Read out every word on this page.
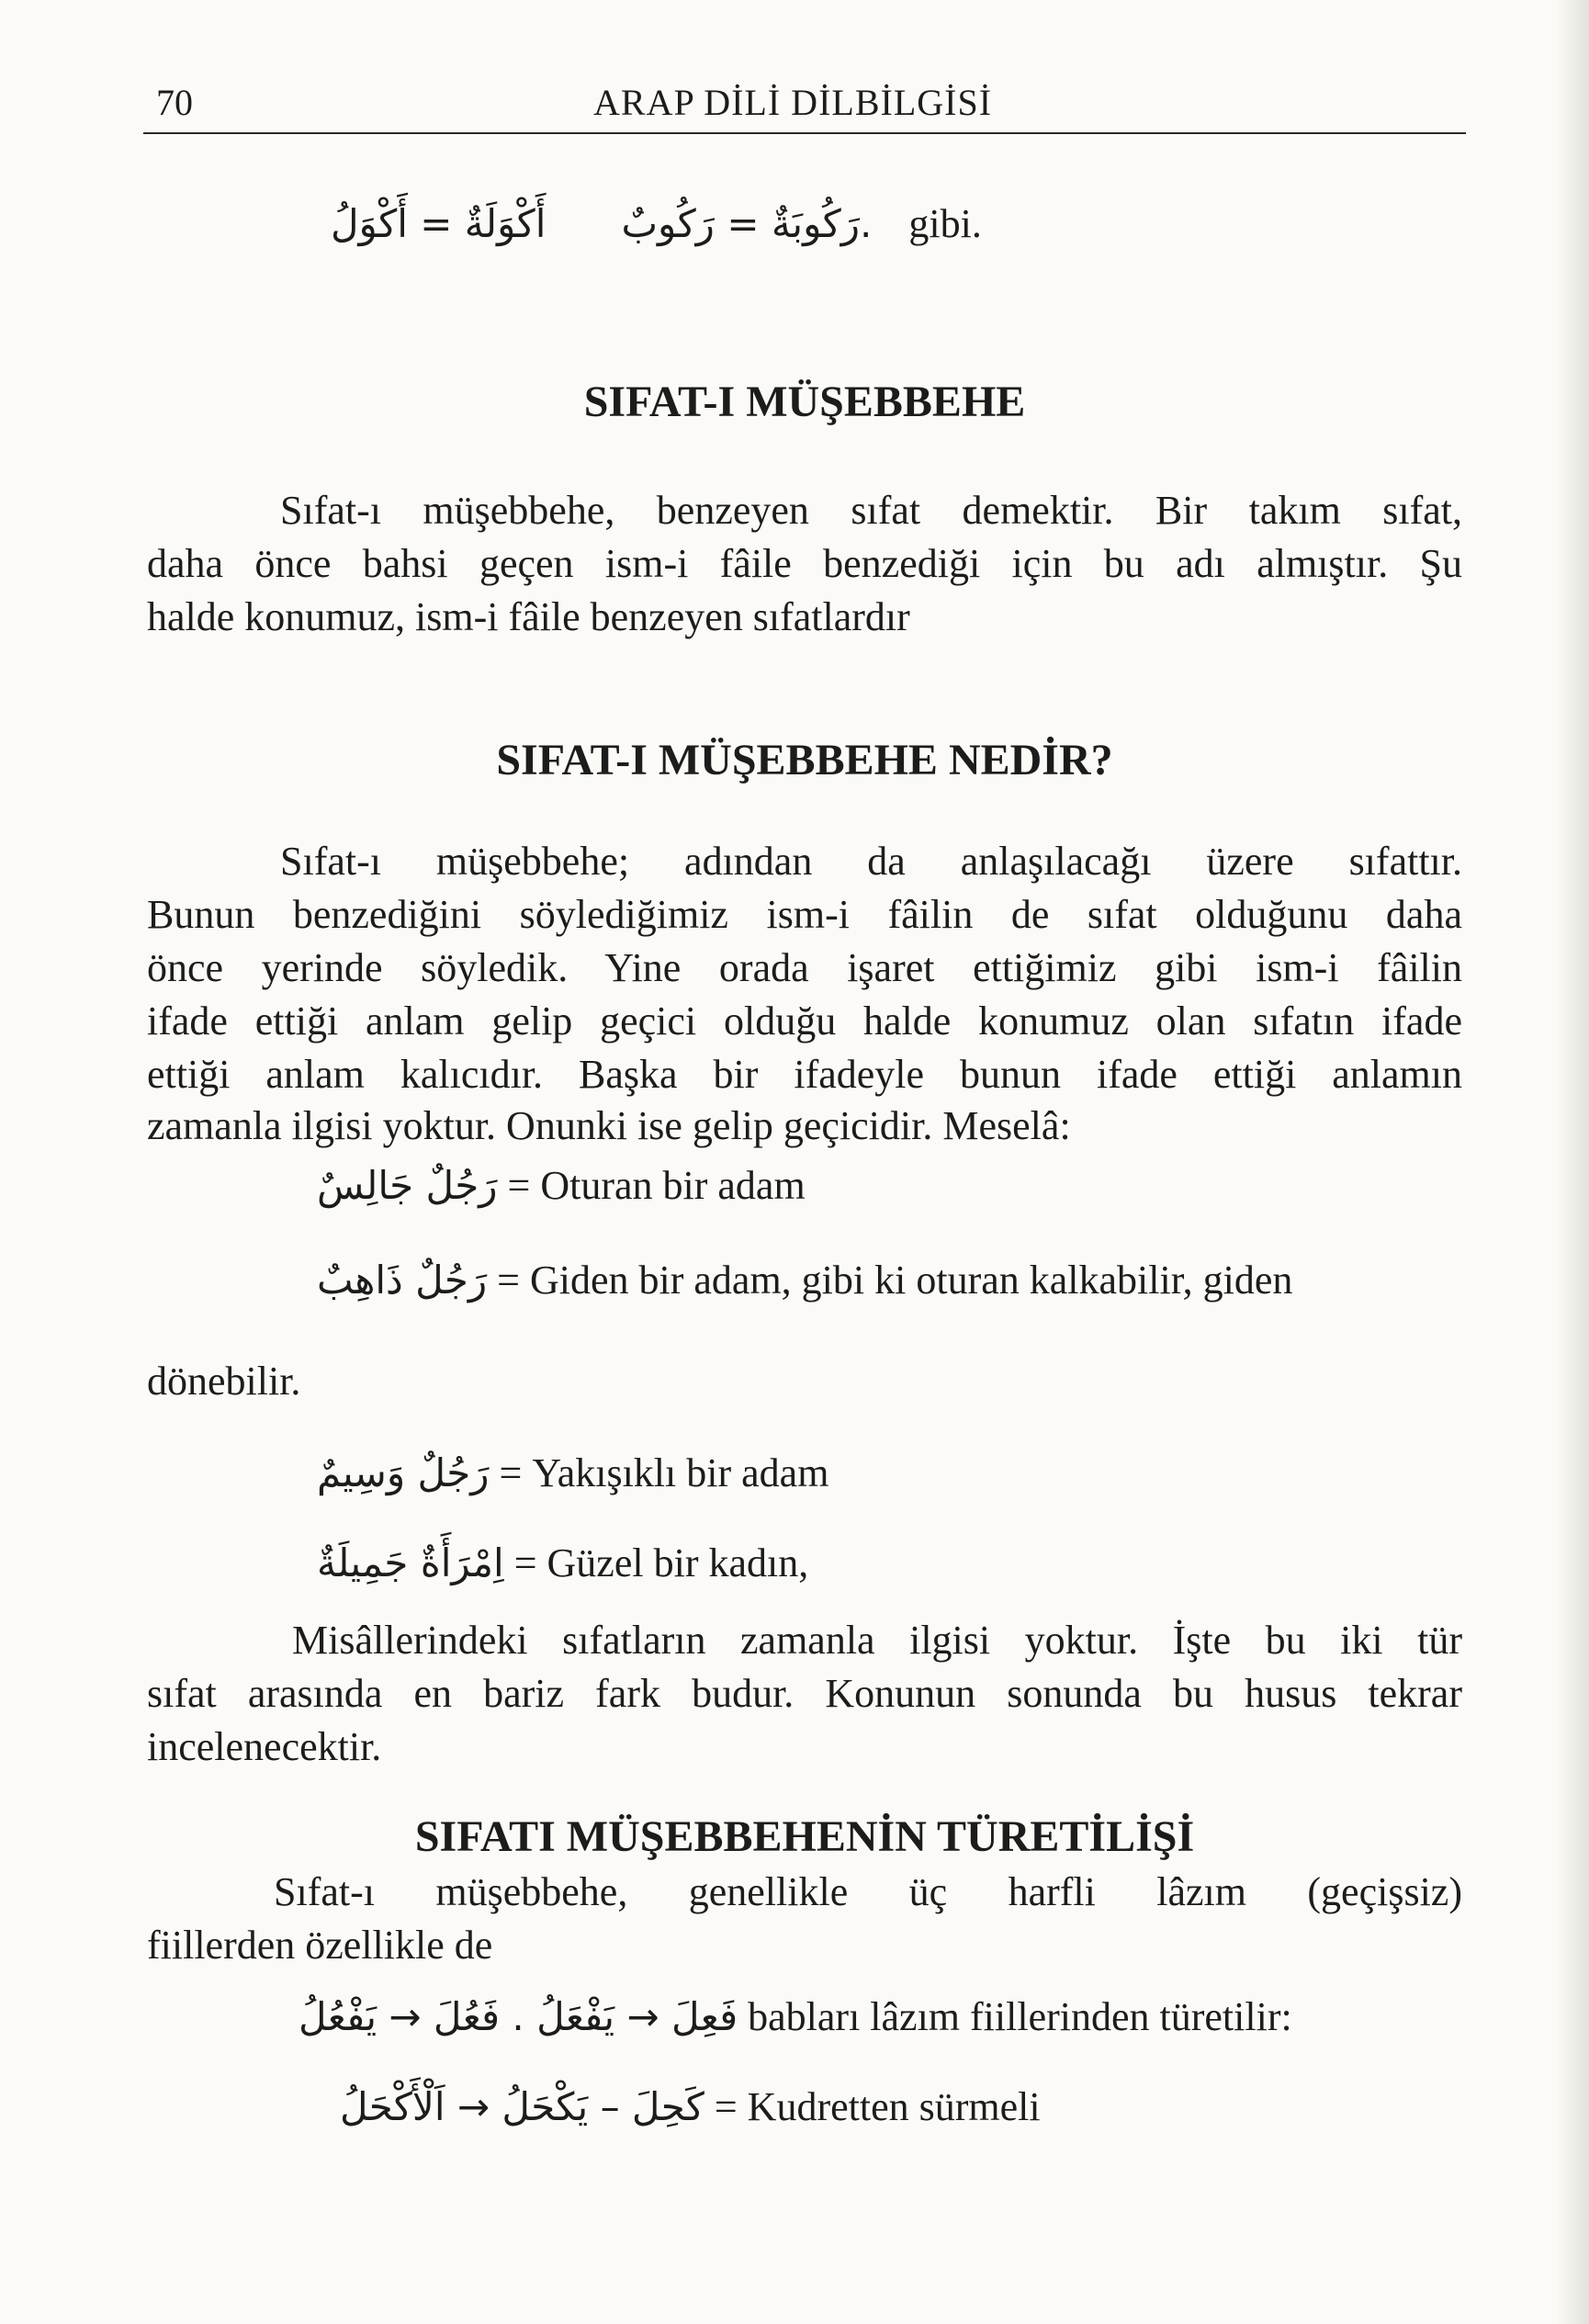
70	ARAP DİLİ DİLBİLGİSİ
أَكْوَلَةٌ = أَكْوَلُ .رَكُوبَةٌ = رَكُوبٌ gibi.
SIFAT-I MÜŞEBBEHE
Sıfat-ı müşebbehe, benzeyen sıfat demektir. Bir takım sıfat,
daha önce bahsi geçen ism-i fâile benzediği için bu adı almıştır. Şu
halde konumuz, ism-i fâile benzeyen sıfatlardır
SIFAT-I MÜŞEBBEHE NEDİR?
Sıfat-ı müşebbehe; adından da anlaşılacağı üzere sıfattır.
Bunun benzediğini söylediğimiz ism-i fâilin de sıfat olduğunu daha
önce yerinde söyledik. Yine orada işaret ettiğimiz gibi ism-i fâilin
ifade ettiği anlam gelip geçici olduğu halde konumuz olan sıfatın ifade
ettiği anlam kalıcıdır. Başka bir ifadeyle bunun ifade ettiği anlamın
zamanla ilgisi yoktur. Onunki ise gelip geçicidir. Meselâ:
رَجُلٌ جَالِسٌ = Oturan bir adam
رَجُلٌ ذَاهِبٌ = Giden bir adam, gibi ki oturan kalkabilir, giden
dönebilir.
رَجُلٌ وَسِيمٌ = Yakışıklı bir adam
اِمْرَأَةٌ جَمِيلَةٌ = Güzel bir kadın,
Misâllerindeki sıfatların zamanla ilgisi yoktur. İşte bu iki tür
sıfat arasında en bariz fark budur. Konunun sonunda bu husus tekrar
incelenecektir.
SIFATI MÜŞEBBEHENİN TÜRETİLİŞİ
Sıfat-ı müşebbehe, genellikle üç harfli lâzım (geçişsiz)
fiillerden özellikle de
فَعِلَ → يَفْعَلُ . فَعُلَ → يَفْعُلُ babları lâzım fiillerinden türetilir:
كَحِلَ – يَكْحَلُ → اَلْأَكْحَلُ = Kudretten sürmeli
